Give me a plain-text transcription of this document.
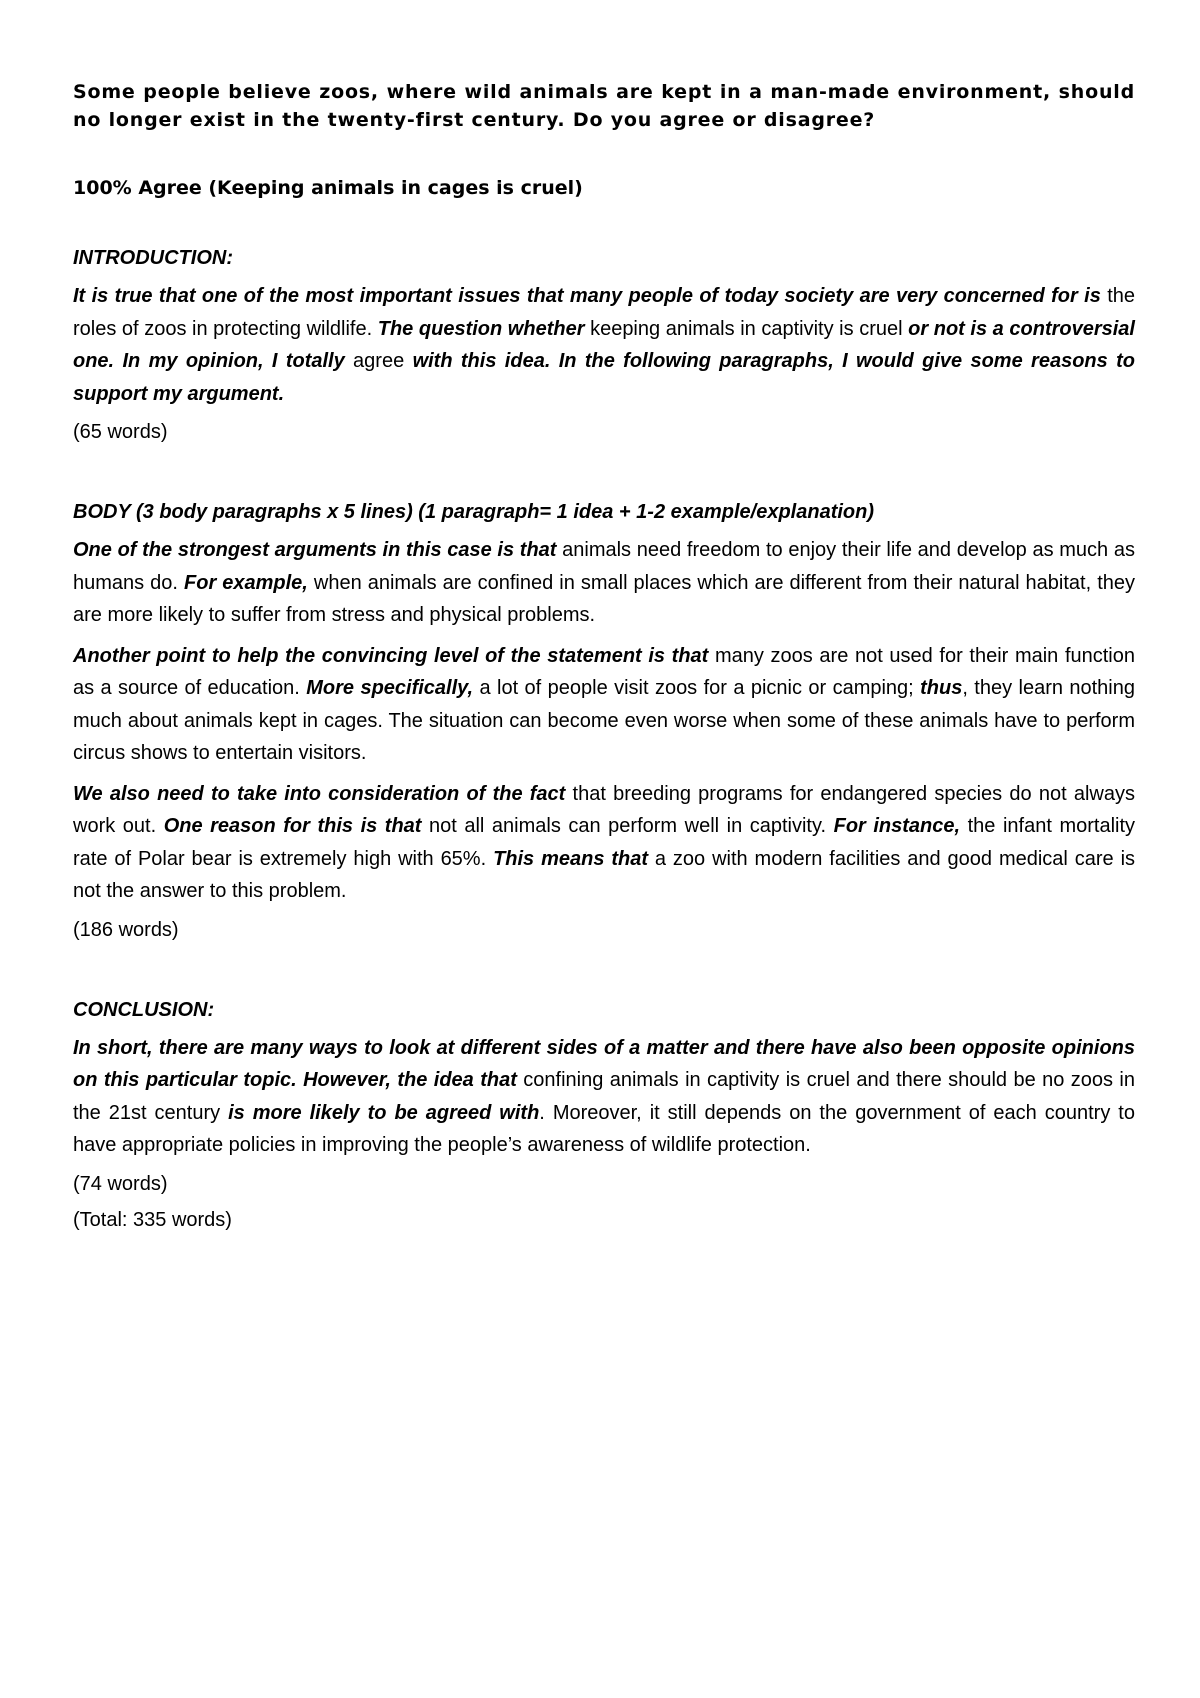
Some people believe zoos, where wild animals are kept in a man-made environment, should no longer exist in the twenty-first century. Do you agree or disagree?

100% Agree (Keeping animals in cages is cruel)

INTRODUCTION:

It is true that one of the most important issues that many people of today society are very concerned for is the roles of zoos in protecting wildlife. The question whether keeping animals in captivity is cruel or not is a controversial one. In my opinion, I totally agree with this idea. In the following paragraphs, I would give some reasons to support my argument.

(65 words)

BODY (3 body paragraphs x 5 lines) (1 paragraph= 1 idea + 1-2 example/explanation)

One of the strongest arguments in this case is that animals need freedom to enjoy their life and develop as much as humans do. For example, when animals are confined in small places which are different from their natural habitat, they are more likely to suffer from stress and physical problems.

Another point to help the convincing level of the statement is that many zoos are not used for their main function as a source of education. More specifically, a lot of people visit zoos for a picnic or camping; thus, they learn nothing much about animals kept in cages. The situation can become even worse when some of these animals have to perform circus shows to entertain visitors.

We also need to take into consideration of the fact that breeding programs for endangered species do not always work out. One reason for this is that not all animals can perform well in captivity. For instance, the infant mortality rate of Polar bear is extremely high with 65%. This means that a zoo with modern facilities and good medical care is not the answer to this problem.

(186 words)

CONCLUSION:

In short, there are many ways to look at different sides of a matter and there have also been opposite opinions on this particular topic. However, the idea that confining animals in captivity is cruel and there should be no zoos in the 21st century is more likely to be agreed with. Moreover, it still depends on the government of each country to have appropriate policies in improving the people’s awareness of wildlife protection.

(74 words)

(Total: 335 words)
